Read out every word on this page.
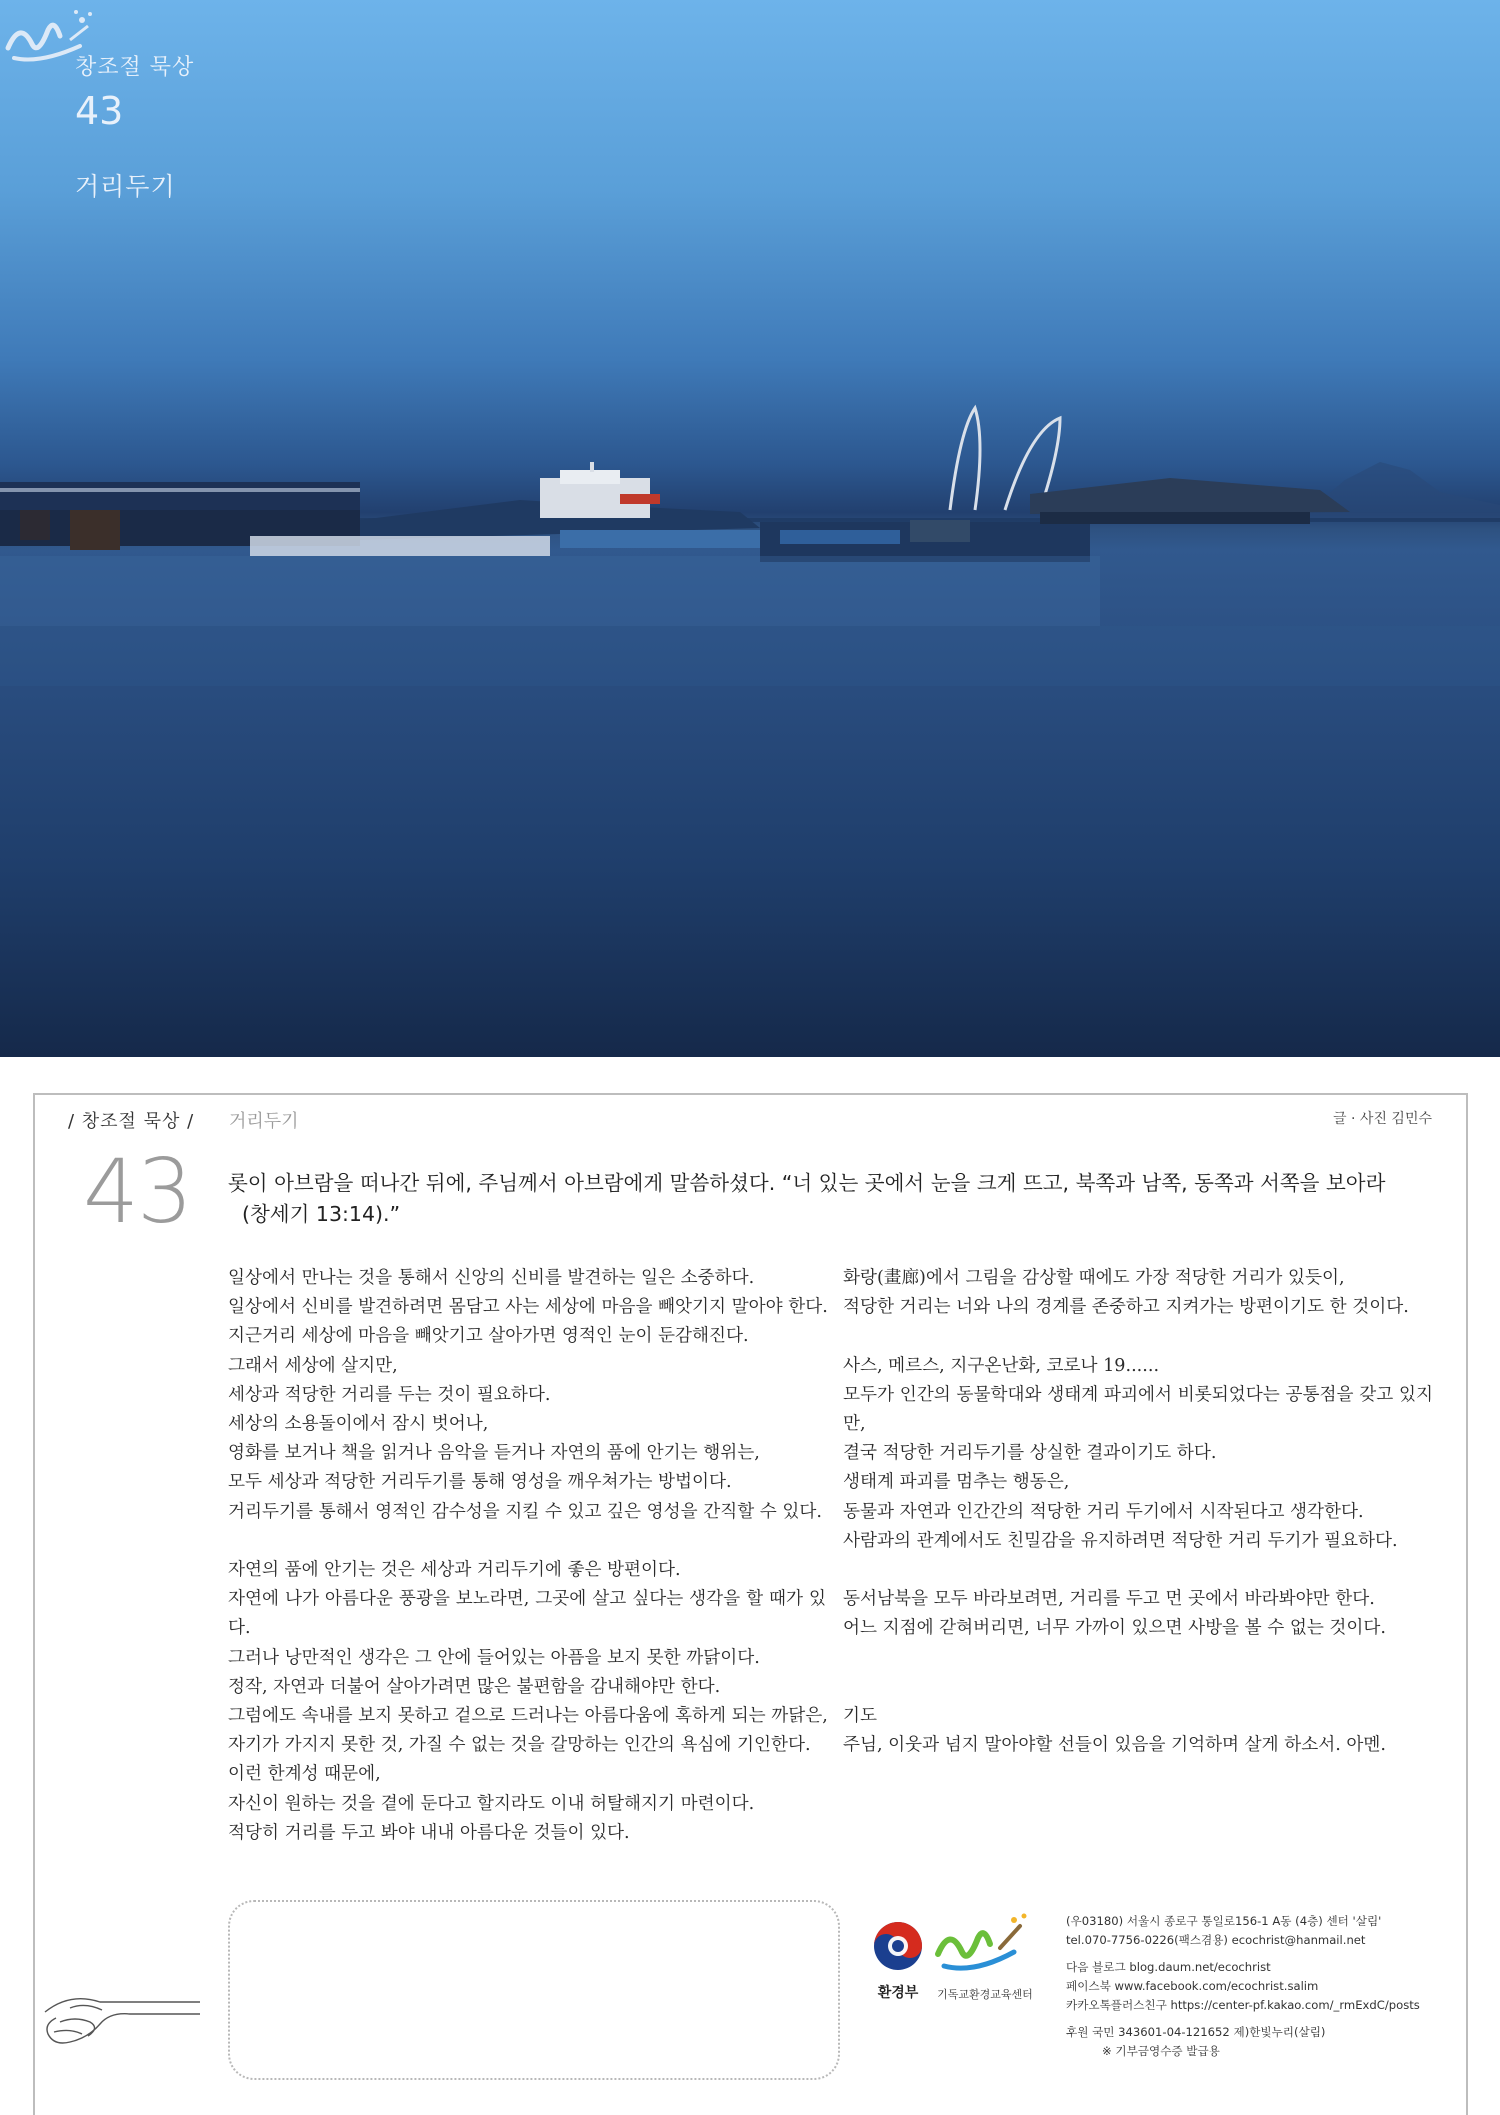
창조절 묵상
43
거리두기
/ 창조절 묵상 / 거리두기	글 · 사진 김민수
43 롯이 아브람을 떠나간 뒤에, 주님께서 아브람에게 말씀하셨다. “너 있는 곳에서 눈을 크게 뜨고, 북쪽과 남쪽, 동쪽과 서쪽을 보아라
(창세기 13:14).”

일상에서 만나는 것을 통해서 신앙의 신비를 발견하는 일은 소중하다.

일상에서 신비를 발견하려면 몸담고 사는 세상에 마음을 빼앗기지 말아야 한다.

지근거리 세상에 마음을 빼앗기고 살아가면 영적인 눈이 둔감해진다.

그래서 세상에 살지만,

세상과 적당한 거리를 두는 것이 필요하다.

세상의 소용돌이에서 잠시 벗어나,

영화를 보거나 책을 읽거나 음악을 듣거나 자연의 품에 안기는 행위는,

모두 세상과 적당한 거리두기를 통해 영성을 깨우쳐가는 방법이다.

거리두기를 통해서 영적인 감수성을 지킬 수 있고 깊은 영성을 간직할 수 있다.

자연의 품에 안기는 것은 세상과 거리두기에 좋은 방편이다.

자연에 나가 아름다운 풍광을 보노라면, 그곳에 살고 싶다는 생각을 할 때가 있다.

그러나 낭만적인 생각은 그 안에 들어있는 아픔을 보지 못한 까닭이다.

정작, 자연과 더불어 살아가려면 많은 불편함을 감내해야만 한다.

그럼에도 속내를 보지 못하고 겉으로 드러나는 아름다움에 혹하게 되는 까닭은,

자기가 가지지 못한 것, 가질 수 없는 것을 갈망하는 인간의 욕심에 기인한다.

이런 한계성 때문에,

자신이 원하는 것을 곁에 둔다고 할지라도 이내 허탈해지기 마련이다.

적당히 거리를 두고 봐야 내내 아름다운 것들이 있다.

화랑(畫廊)에서 그림을 감상할 때에도 가장 적당한 거리가 있듯이,

적당한 거리는 너와 나의 경계를 존중하고 지켜가는 방편이기도 한 것이다.

사스, 메르스, 지구온난화, 코로나 19......

모두가 인간의 동물학대와 생태계 파괴에서 비롯되었다는 공통점을 갖고 있지만,

결국 적당한 거리두기를 상실한 결과이기도 하다.

생태계 파괴를 멈추는 행동은,

동물과 자연과 인간간의 적당한 거리 두기에서 시작된다고 생각한다.

사람과의 관계에서도 친밀감을 유지하려면 적당한 거리 두기가 필요하다.

동서남북을 모두 바라보려면, 거리를 두고 먼 곳에서 바라봐야만 한다.

어느 지점에 갇혀버리면, 너무 가까이 있으면 사방을 볼 수 없는 것이다.

기도

주님, 이웃과 넘지 말아야할 선들이 있음을 기억하며 살게 하소서. 아멘.

환경부	기독교환경교육센터
(우03180) 서울시 종로구 통일로156-1 A동 (4층) 센터 '살림'
tel.070-7756-0226(팩스겸용) ecochrist@hanmail.net
다음 블로그 blog.daum.net/ecochrist
페이스북 www.facebook.com/ecochrist.salim
카카오톡플러스친구 https://center-pf.kakao.com/_rmExdC/posts
후원 국민 343601-04-121652 제)한빛누리(살림)
※ 기부금영수증 발급용
